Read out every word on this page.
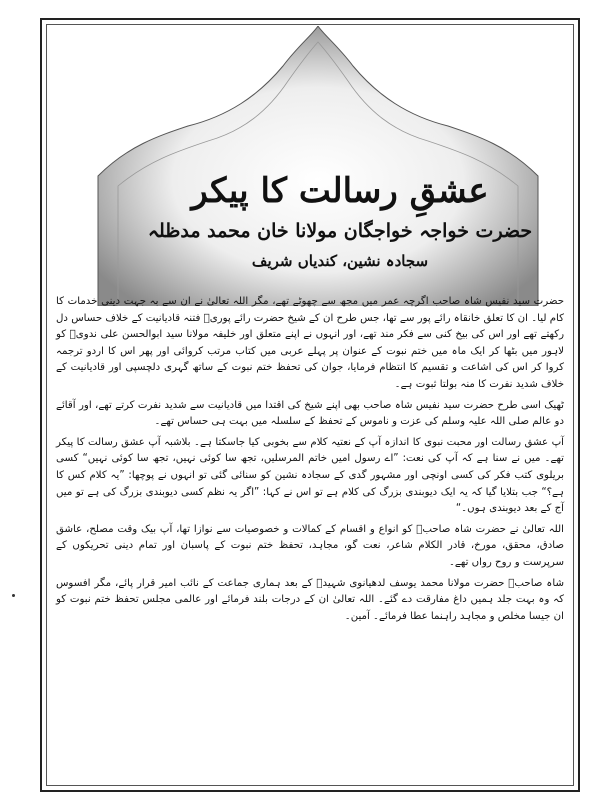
عشقِ رسالت کا پیکر

حضرت خواجہ خواجگان مولانا خان محمد مدظلہ

سجادہ نشین، کندیاں شریف

حضرت سید نفیس شاہ صاحب اگرچہ عمر میں مجھ سے چھوٹے تھے، مگر اللہ تعالیٰ نے ان سے بہ جہت دینی خدمات کا کام لیا۔ ان کا تعلق خانقاہ رائے پور سے تھا، جس طرح ان کے شیخ حضرت رائے پوریؒ فتنہ قادیانیت کے خلاف حساس دل رکھتے تھے اور اس کی بیخ کنی سے فکر مند تھے، اور انہوں نے اپنے متعلق اور خلیفہ مولانا سید ابوالحسن علی ندویؒ کو لاہور میں بٹھا کر ایک ماہ میں ختم نبوت کے عنوان پر پہلے عربی میں کتاب مرتب کروائی اور پھر اس کا اردو ترجمہ کروا کر اس کی اشاعت و تقسیم کا انتظام فرمایا، جوان کی تحفظ ختم نبوت کے ساتھ گہری دلچسپی اور قادیانیت کے خلاف شدید نفرت کا منہ بولتا ثبوت ہے۔

ٹھیک اسی طرح حضرت سید نفیس شاہ صاحب بھی اپنے شیخ کی اقتدا میں قادیانیت سے شدید نفرت کرتے تھے، اور آقائے دو عالم صلی اللہ علیہ وسلم کی عزت و ناموس کے تحفظ کے سلسلہ میں بہت ہی حساس تھے۔

آپ عشق رسالت اور محبت نبوی کا اندازہ آپ کے نعتیہ کلام سے بخوبی کیا جاسکتا ہے۔ بلاشبہ آپ عشق رسالت کا پیکر تھے۔ میں نے سنا ہے کہ آپ کی نعت: ”اے رسول امیں خاتم المرسلیں، تجھ سا کوئی نہیں، تجھ سا کوئی نہیں“ کسی بریلوی کتب فکر کی کسی اونچی اور مشہور گدی کے سجادہ نشین کو سنائی گئی تو انہوں نے پوچھا: ”یہ کلام کس کا ہے؟“ جب بتلایا گیا کہ یہ ایک دیوبندی بزرگ کی کلام ہے تو اس نے کہا: ”اگر یہ نظم کسی دیوبندی بزرگ کی ہے تو میں آج کے بعد دیوبندی ہوں۔“

اللہ تعالیٰ نے حضرت شاہ صاحبؒ کو انواع و اقسام کے کمالات و خصوصیات سے نوازا تھا، آپ بیک وقت مصلح، عاشق صادق، محقق، مورخ، قادر الکلام شاعر، نعت گو، مجاہد، تحفظ ختم نبوت کے پاسبان اور تمام دینی تحریکوں کے سرپرست و روح رواں تھے۔

شاہ صاحبؒ حضرت مولانا محمد یوسف لدھیانوی شہیدؒ کے بعد ہماری جماعت کے نائب امیر قرار پائے، مگر افسوس کہ وہ بہت جلد ہمیں داغ مفارقت دے گئے۔ اللہ تعالیٰ ان کے درجات بلند فرمائے اور عالمی مجلس تحفظ ختم نبوت کو ان جیسا مخلص و مجاہد راہنما عطا فرمائے۔ آمین۔
